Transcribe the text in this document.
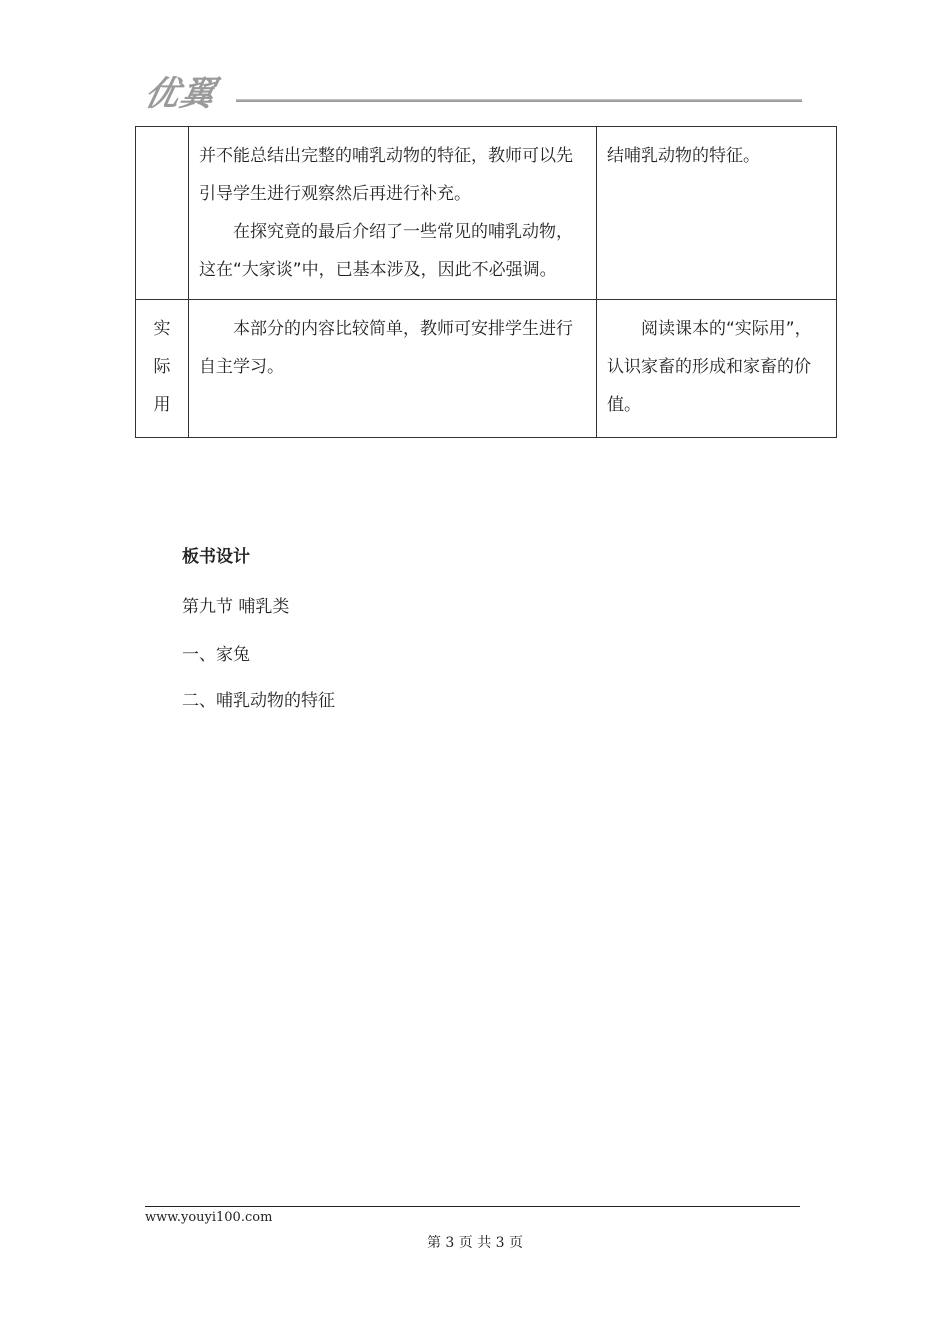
优翼

	并不能总结出完整的哺乳动物的特征，教师可以先引导学生进行观察然后再进行补充。

在探究竟的最后介绍了一些常见的哺乳动物，这在“大家谈”中，已基本涉及，因此不必强调。	结哺乳动物的特征。

实
际
用	本部分的内容比较简单，教师可安排学生进行自主学习。	阅读课本的“实际用”，认识家畜的形成和家畜的价值。

板书设计
第九节 哺乳类
一、家兔
二、哺乳动物的特征
www.youyi100.com
第 3 页 共 3 页
